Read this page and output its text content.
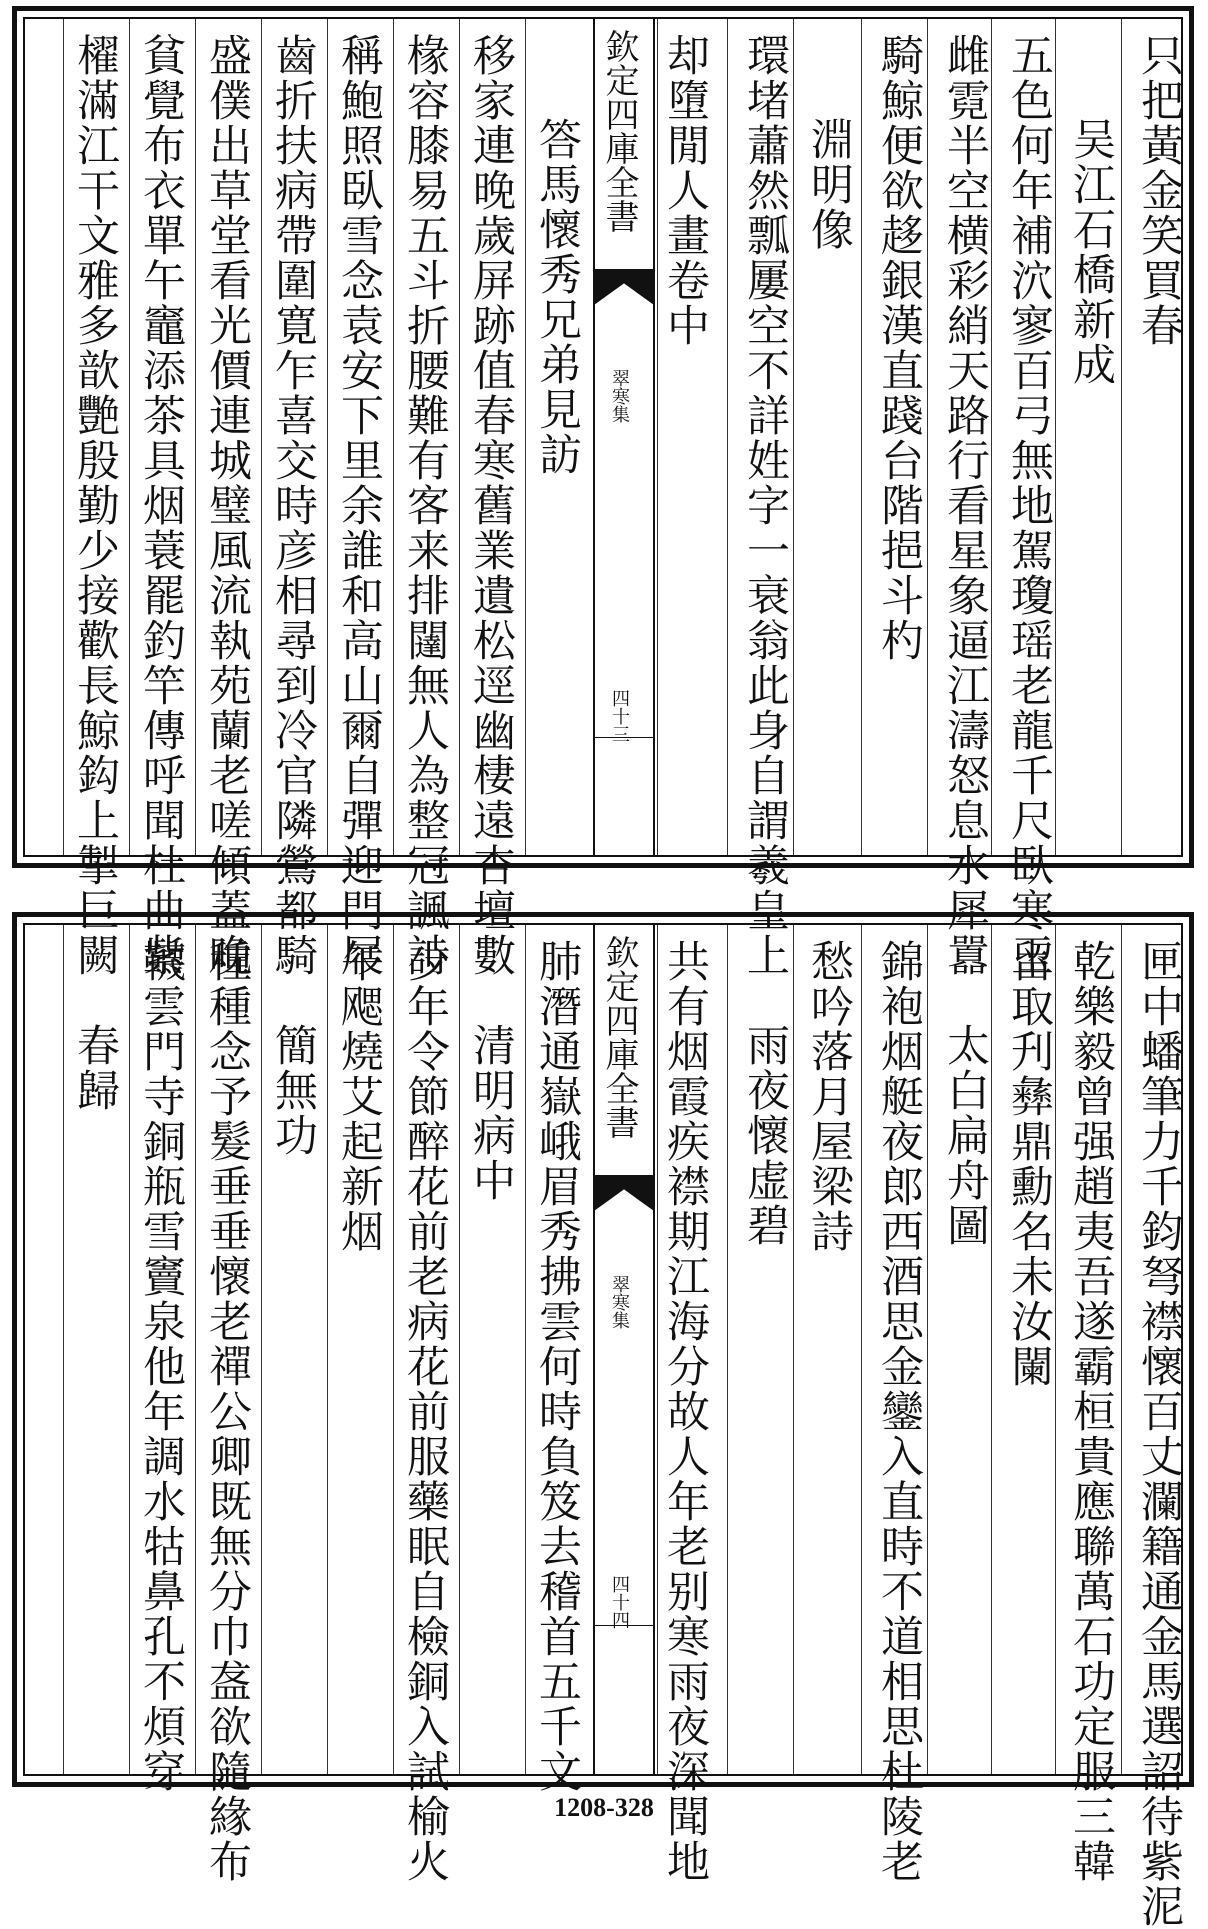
只把黃金笑買春
吴江石橋新成
五色何年補泬寥百弓無地駕瓊瑶老龍千尺臥寒玉
雌霓半空横彩綃天路行看星象逼江濤怒息水犀囂
騎鯨便欲趍銀漢直踐台階挹斗杓
淵明像
環堵蕭然瓢屢空不詳姓字一衰翁此身自謂羲皇上
却墮閒人畫卷中
欽定四庫全書
翠寒集
四十三
答馬懷秀兄弟見訪
移家連晚歲屏跡值春寒舊業遺松逕幽棲遠杏壇數
椽容膝易五斗折腰難有客来排闥無人為整冠諷詩
稱鮑照臥雪念袁安下里余誰和高山爾自彈迎門屐
齒折扶病帶圍寛乍喜交時彦相尋到冷官隣鶯都騎
盛僕出草堂看光價連城璧風流執苑蘭老嗟傾蓋晚
貧覺布衣單午竈添茶具烟蓑罷釣竿傳呼聞杜曲紫
櫂滿江干文雅多歆艷殷勤少接歡長鯨鈎上掣巨闕
匣中蟠筆力千鈞弩襟懷百丈瀾籍通金馬選詔待紫泥
乾樂毅曾强趙夷吾遂霸桓貴應聯萬石功定服三韓
留取刋彝鼎勳名未汝闌
太白扁舟圖
錦袍烟艇夜郎西酒思金鑾入直時不道相思杜陵老
愁吟落月屋梁詩
雨夜懷虚碧
共有烟霞疾襟期江海分故人年老别寒雨夜深聞地
欽定四庫全書
翠寒集
四十四
肺潛通嶽峨眉秀拂雲何時負笈去稽首五千文
清明病中
少年令節醉花前老病花前服藥眠自檢銅入試榆火
午飔燒艾起新烟
簡無功
種種念予髮垂垂懷老禪公卿既無分巾盋欲隨緣布
韈雲門寺銅瓶雪竇泉他年調水牯鼻孔不煩穿
春歸
1208-328
